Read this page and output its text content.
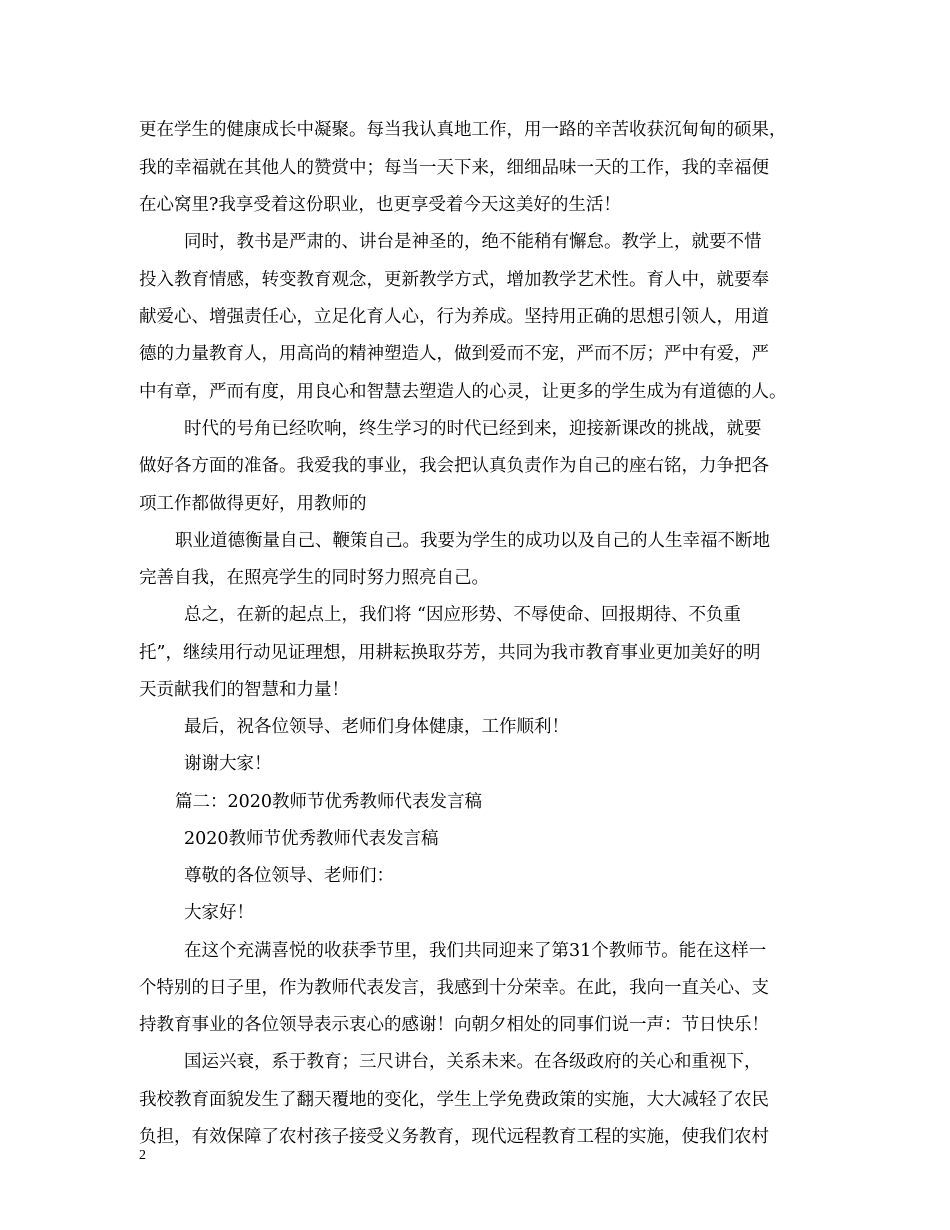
更在学生的健康成长中凝聚。每当我认真地工作，用一路的辛苦收获沉甸甸的硕果，
我的幸福就在其他人的赞赏中；每当一天下来，细细品味一天的工作，我的幸福便
在心窝里?我享受着这份职业，也更享受着今天这美好的生活！
同时，教书是严肃的、讲台是神圣的，绝不能稍有懈怠。教学上，就要不惜
投入教育情感，转变教育观念，更新教学方式，增加教学艺术性。育人中，就要奉
献爱心、增强责任心，立足化育人心，行为养成。坚持用正确的思想引领人，用道
德的力量教育人，用高尚的精神塑造人，做到爱而不宠，严而不厉；严中有爱，严
中有章，严而有度，用良心和智慧去塑造人的心灵，让更多的学生成为有道德的人。
时代的号角已经吹响，终生学习的时代已经到来，迎接新课改的挑战，就要
做好各方面的准备。我爱我的事业，我会把认真负责作为自己的座右铭，力争把各
项工作都做得更好，用教师的
职业道德衡量自己、鞭策自己。我要为学生的成功以及自己的人生幸福不断地
完善自我，在照亮学生的同时努力照亮自己。
总之，在新的起点上，我们将 “因应形势、不辱使命、回报期待、不负重
托”，继续用行动见证理想，用耕耘换取芬芳，共同为我市教育事业更加美好的明
天贡献我们的智慧和力量！
最后，祝各位领导、老师们身体健康，工作顺利！
谢谢大家！
篇二：2020教师节优秀教师代表发言稿
2020教师节优秀教师代表发言稿
尊敬的各位领导、老师们：
大家好！
在这个充满喜悦的收获季节里，我们共同迎来了第31个教师节。能在这样一
个特别的日子里，作为教师代表发言，我感到十分荣幸。在此，我向一直关心、支
持教育事业的各位领导表示衷心的感谢！向朝夕相处的同事们说一声：节日快乐！
国运兴衰，系于教育；三尺讲台，关系未来。在各级政府的关心和重视下，
我校教育面貌发生了翻天覆地的变化，学生上学免费政策的实施，大大减轻了农民
负担，有效保障了农村孩子接受义务教育，现代远程教育工程的实施，使我们农村
2
